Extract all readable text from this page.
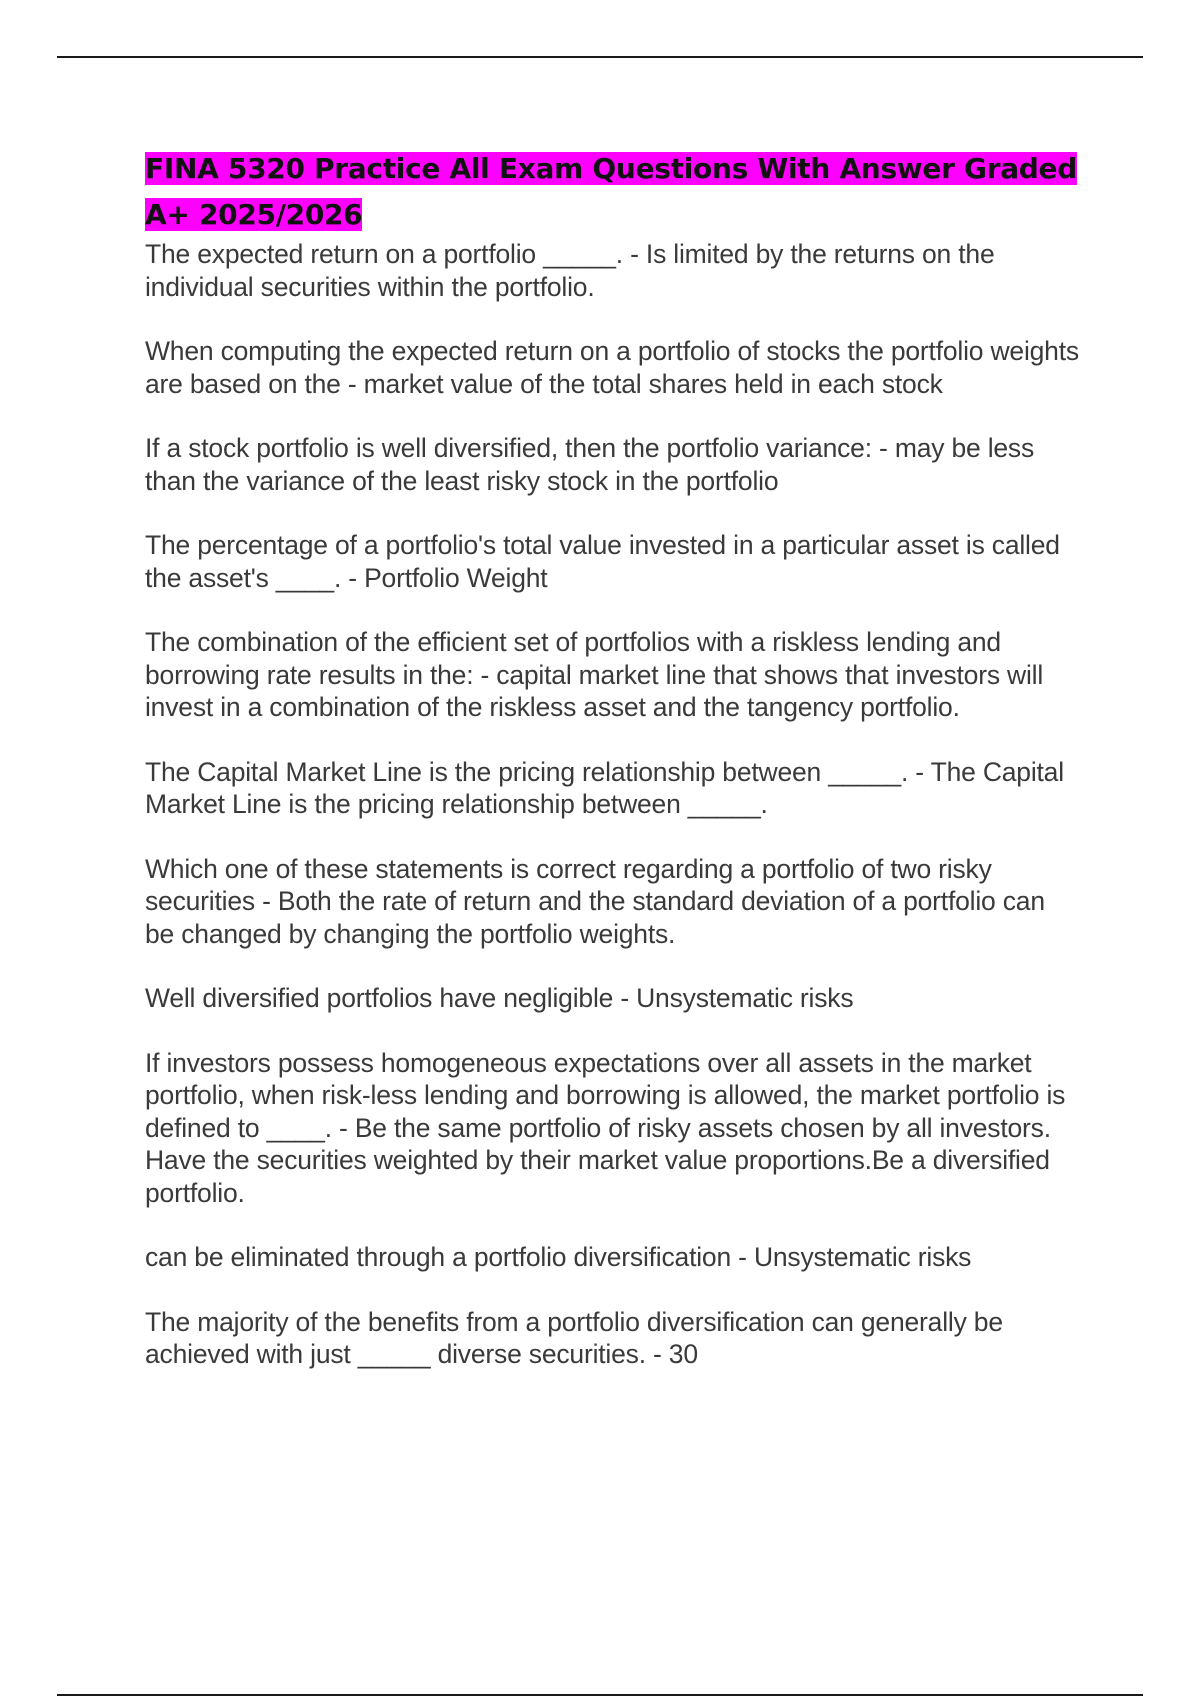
FINA 5320 Practice All Exam Questions With Answer Graded A+ 2025/2026

The expected return on a portfolio _____. - Is limited by the returns on the individual securities within the portfolio.

When computing the expected return on a portfolio of stocks the portfolio weights are based on the - market value of the total shares held in each stock

If a stock portfolio is well diversified, then the portfolio variance: - may be less than the variance of the least risky stock in the portfolio

The percentage of a portfolio's total value invested in a particular asset is called the asset's ____. - Portfolio Weight

The combination of the efficient set of portfolios with a riskless lending and borrowing rate results in the: - capital market line that shows that investors will invest in a combination of the riskless asset and the tangency portfolio.

The Capital Market Line is the pricing relationship between _____. - The Capital Market Line is the pricing relationship between _____.

Which one of these statements is correct regarding a portfolio of two risky securities - Both the rate of return and the standard deviation of a portfolio can be changed by changing the portfolio weights.

Well diversified portfolios have negligible - Unsystematic risks

If investors possess homogeneous expectations over all assets in the market portfolio, when risk-less lending and borrowing is allowed, the market portfolio is defined to ____. - Be the same portfolio of risky assets chosen by all investors. Have the securities weighted by their market value proportions.Be a diversified portfolio.

can be eliminated through a portfolio diversification - Unsystematic risks

The majority of the benefits from a portfolio diversification can generally be achieved with just _____ diverse securities. - 30
